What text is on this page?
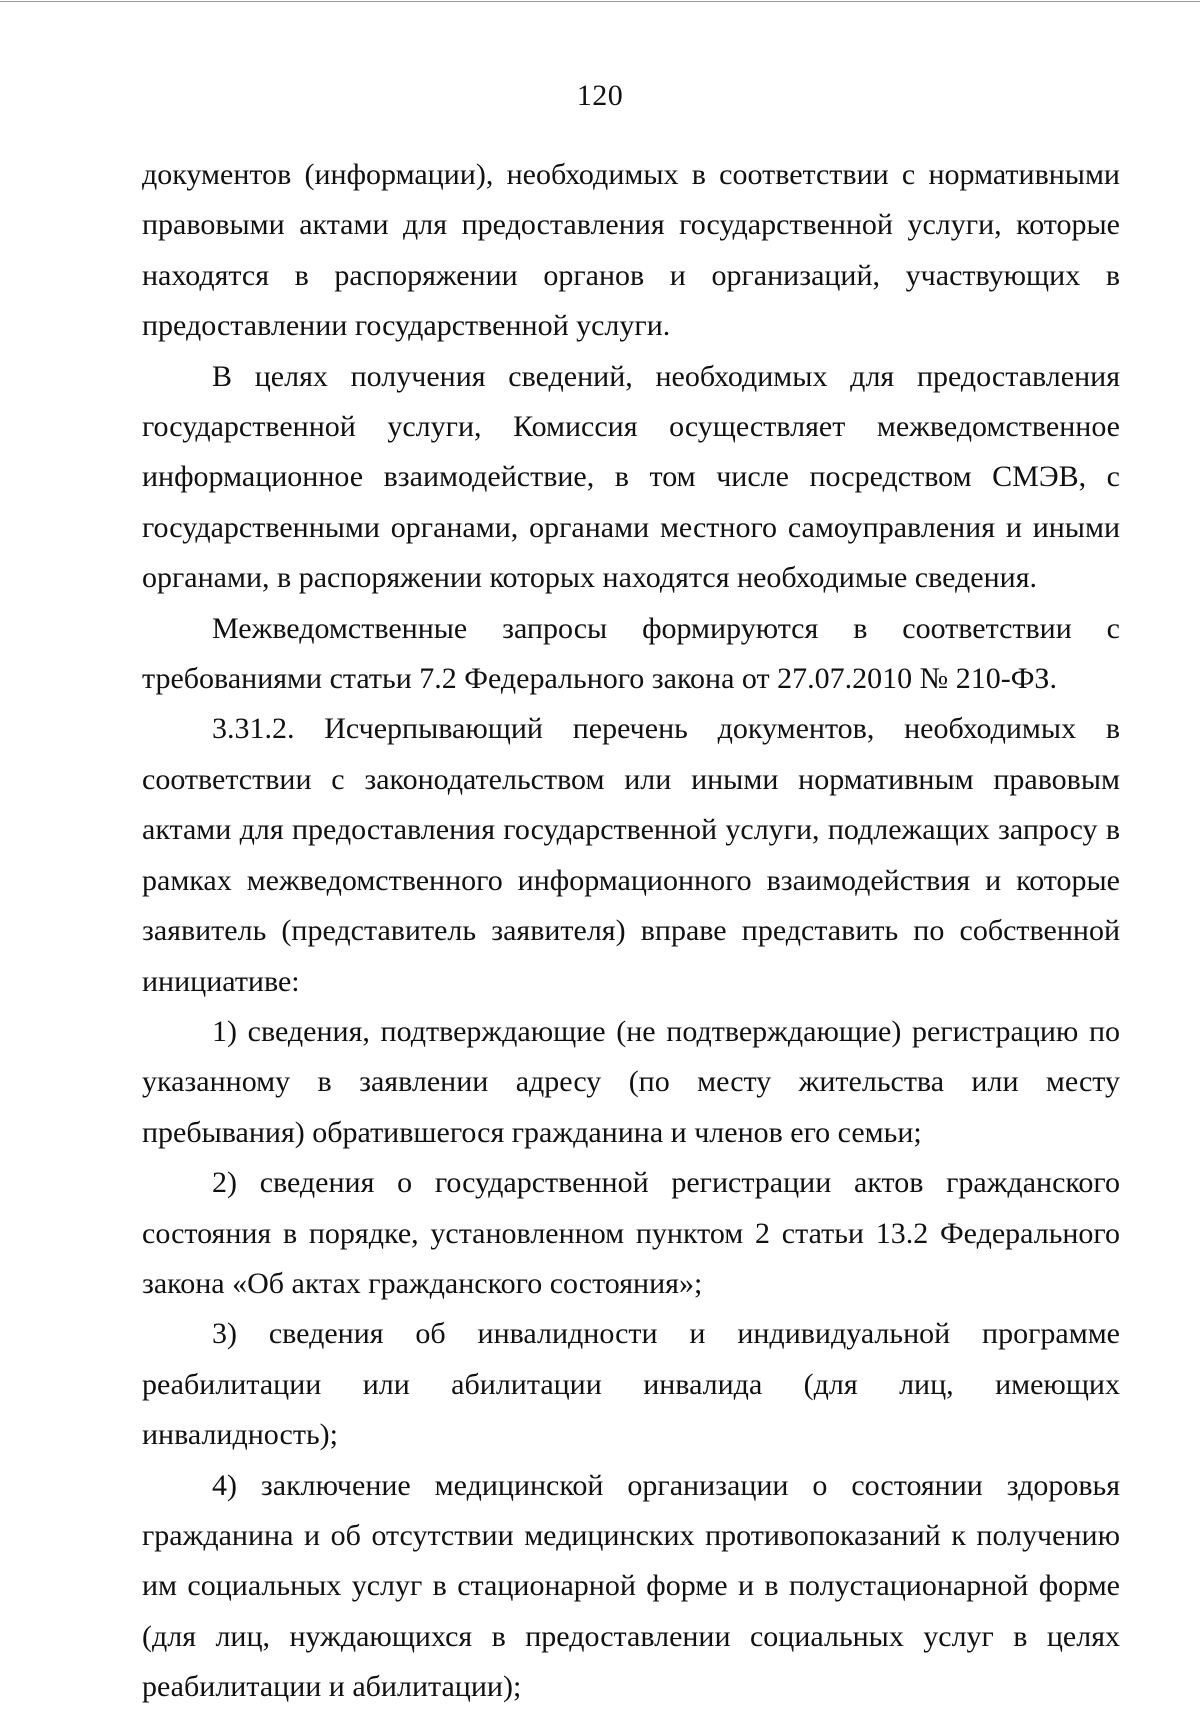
120

документов (информации), необходимых в соответствии с нормативными правовыми актами для предоставления государственной услуги, которые находятся в распоряжении органов и организаций, участвующих в предоставлении государственной услуги.

В целях получения сведений, необходимых для предоставления государственной услуги, Комиссия осуществляет межведомственное информационное взаимодействие, в том числе посредством СМЭВ, с государственными органами, органами местного самоуправления и иными органами, в распоряжении которых находятся необходимые сведения.

Межведомственные запросы формируются в соответствии с требованиями статьи 7.2 Федерального закона от 27.07.2010 № 210-ФЗ.

3.31.2. Исчерпывающий перечень документов, необходимых в соответствии с законодательством или иными нормативным правовым актами для предоставления государственной услуги, подлежащих запросу в рамках межведомственного информационного взаимодействия и которые заявитель (представитель заявителя) вправе представить по собственной инициативе:

1) сведения, подтверждающие (не подтверждающие) регистрацию по указанному в заявлении адресу (по месту жительства или месту пребывания) обратившегося гражданина и членов его семьи;

2) сведения о государственной регистрации актов гражданского состояния в порядке, установленном пунктом 2 статьи 13.2 Федерального закона «Об актах гражданского состояния»;

3) сведения об инвалидности и индивидуальной программе реабилитации или абилитации инвалида (для лиц, имеющих инвалидность);

4) заключение медицинской организации о состоянии здоровья гражданина и об отсутствии медицинских противопоказаний к получению им социальных услуг в стационарной форме и в полустационарной форме (для лиц, нуждающихся в предоставлении социальных услуг в целях реабилитации и абилитации);
